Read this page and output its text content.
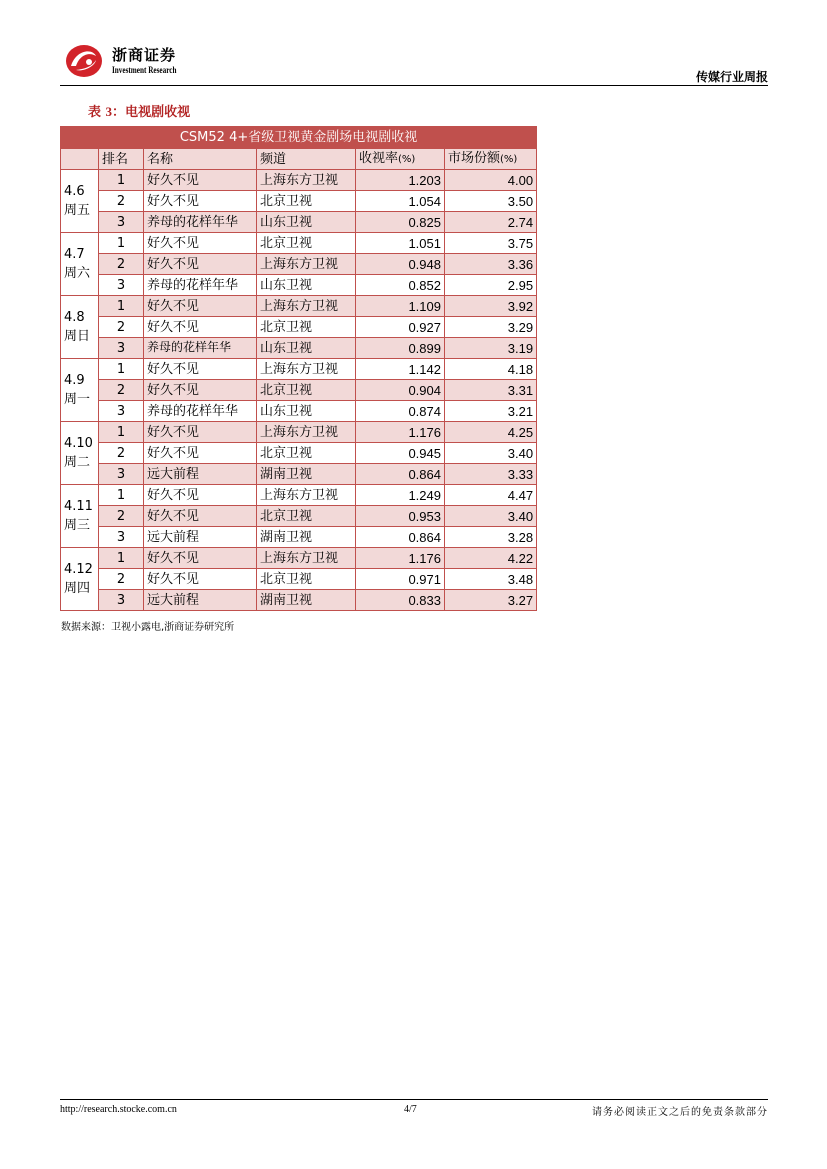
浙商证券
Investment Research	传媒行业周报
表 3：电视剧收视
CSM52 4+省级卫视黄金剧场电视剧收视					
	排名	名称	频道	收视率(%)	市场份额(%)

4.6
周五	1	好久不见	上海东方卫视	1.203	4.00
	2	好久不见	北京卫视	1.054	3.50
	3	养母的花样年华	山东卫视	0.825	2.74

4.7
周六	1	好久不见	北京卫视	1.051	3.75
	2	好久不见	上海东方卫视	0.948	3.36
	3	养母的花样年华	山东卫视	0.852	2.95

4.8
周日	1	好久不见	上海东方卫视	1.109	3.92
	2	好久不见	北京卫视	0.927	3.29
	3	养母的花样年华	山东卫视	0.899	3.19

4.9
周一	1	好久不见	上海东方卫视	1.142	4.18
	2	好久不见	北京卫视	0.904	3.31
	3	养母的花样年华	山东卫视	0.874	3.21

4.10
周二	1	好久不见	上海东方卫视	1.176	4.25
	2	好久不见	北京卫视	0.945	3.40
	3	远大前程	湖南卫视	0.864	3.33

4.11
周三	1	好久不见	上海东方卫视	1.249	4.47
	2	好久不见	北京卫视	0.953	3.40
	3	远大前程	湖南卫视	0.864	3.28

4.12
周四	1	好久不见	上海东方卫视	1.176	4.22
	2	好久不见	北京卫视	0.971	3.48
	3	远大前程	湖南卫视	0.833	3.27
数据来源：卫视小露电,浙商证券研究所
http://research.stocke.com.cn	4/7	请务必阅读正文之后的免责条款部分
